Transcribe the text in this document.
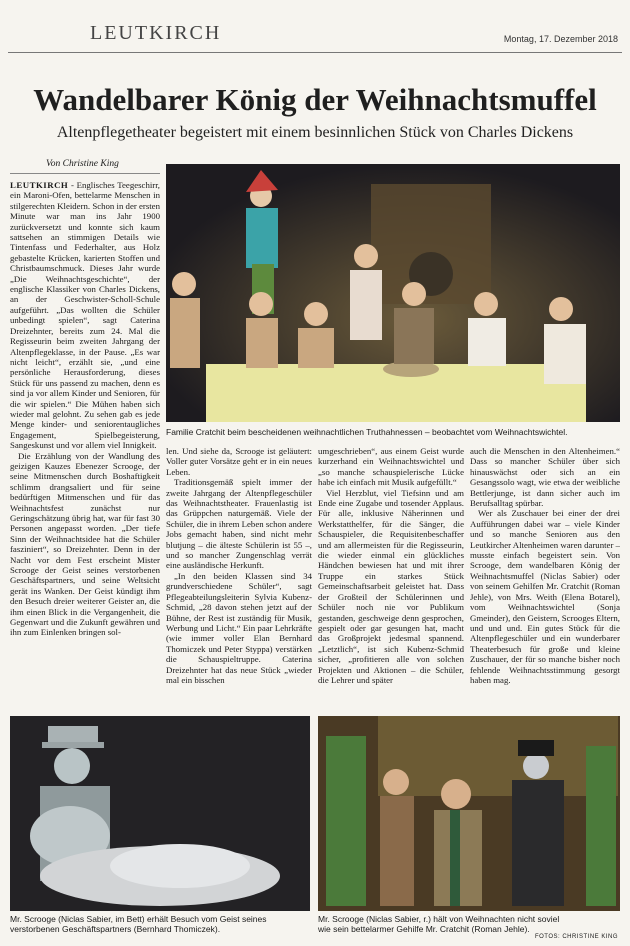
LEUTKIRCH	Montag, 17. Dezember 2018
Wandelbarer König der Weihnachtsmuffel
Altenpflegetheater begeistert mit einem besinnlichen Stück von Charles Dickens
Von Christine King

LEUTKIRCH - Englisches Teegeschirr, ein Maroni-Ofen, bettelarme Menschen in stilgerechten Kleidern. Schon in der ersten Minute war man ins Jahr 1900 zurückversetzt und konnte sich kaum sattsehen an stimmigen Details wie Tintenfass und Federhalter, aus Holz gebastelte Krücken, karierten Stoffen und Christbaumschmuck. Dieses Jahr wurde „Die Weihnachtsgeschichte“, der englische Klassiker von Charles Dickens, an der Geschwister-Scholl-Schule aufgeführt. „Das wollten die Schüler unbedingt spielen“, sagt Caterina Dreizehnter, bereits zum 24. Mal die Regisseurin beim zweiten Jahrgang der Altenpflegeklasse, in der Pause. „Es war nicht leicht“, erzählt sie, „und eine persönliche Herausforderung, dieses Stück für uns passend zu machen, denn es sind ja vor allem Kinder und Senioren, für die wir spielen.“ Die Mühen haben sich wieder mal gelohnt. Zu sehen gab es jede Menge kinder- und seniorentaugliches Engagement, Spielbegeisterung, Sangeskunst und vor allem viel Innigkeit.

Die Erzählung von der Wandlung des geizigen Kauzes Ebenezer Scrooge, der seine Mitmenschen durch Boshaftigkeit schlimm drangsaliert und für seine bedürftigen Mitmenschen und für das Weihnachtsfest zunächst nur Geringschätzung übrig hat, war für fast 30 Personen angepasst worden. „Der tiefe Sinn der Weihnachtsidee hat die Schüler fasziniert“, so Dreizehnter. Denn in der Nacht vor dem Fest erscheint Mister Scrooge der Geist seines verstorbenen Geschäftspartners, und seine Weltsicht gerät ins Wanken. Der Geist kündigt ihm den Besuch dreier weiterer Geister an, die ihm einen Blick in die Vergangenheit, die Gegenwart und die Zukunft gewähren und ihn zum Einlenken bringen sol-

Familie Cratchit beim bescheidenen weihnachtlichen Truthahnessen – beobachtet vom Weihnachtswichtel.

len. Und siehe da, Scrooge ist geläutert: Voller guter Vorsätze geht er in ein neues Leben.

Traditionsgemäß spielt immer der zweite Jahrgang der Altenpflegeschüler das Weihnachtstheater. Frauenlastig ist das Grüppchen naturgemäß. Viele der Schüler, die in ihrem Leben schon andere Jobs gemacht haben, sind nicht mehr blutjung – die älteste Schülerin ist 55 –, und so mancher Zungenschlag verrät eine ausländische Herkunft.

„In den beiden Klassen sind 34 grundverschiedene Schüler“, sagt Pflegeabteilungsleiterin Sylvia Kubenz-Schmid, „28 davon stehen jetzt auf der Bühne, der Rest ist zuständig für Musik, Werbung und Licht.“ Ein paar Lehrkräfte (wie immer voller Elan Bernhard Thomiczek und Peter Styppa) verstärken die Schauspieltruppe. Caterina Dreizehnter hat das neue Stück „wieder mal ein bisschen

umgeschrieben“, aus einem Geist wurde kurzerhand ein Weihnachtswichtel und „so manche schauspielerische Lücke habe ich einfach mit Musik aufgefüllt.“

Viel Herzblut, viel Tiefsinn und am Ende eine Zugabe und tosender Applaus. Für alle, inklusive Näherinnen und Werkstatthelfer, für die Sänger, die Schauspieler, die Requisitenbeschaffer und am allermeisten für die Regisseurin, die wieder einmal ein glückliches Händchen bewiesen hat und mit ihrer Truppe ein starkes Stück Gemeinschaftsarbeit geleistet hat. Dass der Großteil der Schülerinnen und Schüler noch nie vor Publikum gestanden, geschweige denn gesprochen, gespielt oder gar gesungen hat, macht das Großprojekt jedesmal spannend. „Letztlich“, ist sich Kubenz-Schmid sicher, „profitieren alle von solchen Projekten und Aktionen – die Schüler, die Lehrer und später

auch die Menschen in den Altenheimen.“ Dass so mancher Schüler über sich hinauswächst oder sich an ein Gesangssolo wagt, wie etwa der weibliche Bettlerjunge, ist dann sicher auch im Berufsalltag spürbar.

Wer als Zuschauer bei einer der drei Aufführungen dabei war – viele Kinder und so manche Senioren aus den Leutkircher Altenheimen waren darunter – musste einfach begeistert sein. Von Scrooge, dem wandelbaren König der Weihnachtsmuffel (Niclas Sabier) oder von seinem Gehilfen Mr. Cratchit (Roman Jehle), von Mrs. Weith (Elena Botarel), vom Weihnachtswichtel (Sonja Gmeinder), den Geistern, Scrooges Eltern, und und und. Ein gutes Stück für die Altenpflegeschüler und ein wunderbarer Theaterbesuch für große und kleine Zuschauer, der für so manche bisher noch fehlende Weihnachtsstimmung gesorgt haben mag.

Mr. Scrooge (Niclas Sabier, im Bett) erhält Besuch vom Geist seines verstorbenen Geschäftspartners (Bernhard Thomiczek).
Mr. Scrooge (Niclas Sabier, r.) hält von Weihnachten nicht soviel wie sein bettelarmer Gehilfe Mr. Cratchit (Roman Jehle).
FOTOS: CHRISTINE KING
